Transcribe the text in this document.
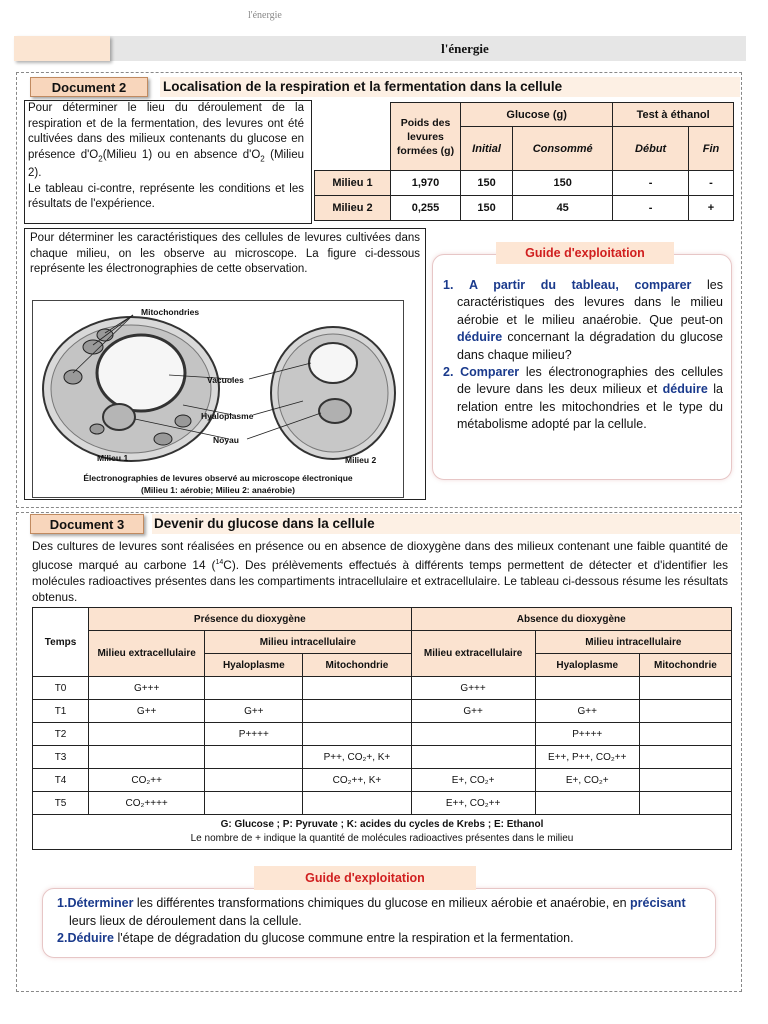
l'énergie
l'énergie
Document 2	Localisation de la respiration et la fermentation dans la cellule
Pour déterminer le lieu du déroulement de la respiration et de la fermentation, des levures ont été cultivées dans des milieux contenants du glucose en présence $d'O_2(Milieu$ 1) ou en absence $d'O_2$ (Milieu 2).
Le tableau ci-contre, représente les conditions et les résultats de l'expérience.
	Poids des levures formées (g)	Glucose (g)		Test à éthanol	
		Initial	Consommé	Début	Fin
Milieu 1	1,970	150	150	-	-
Milieu 2	0,255	150	45	-	+
Pour déterminer les caractéristiques des cellules de levures cultivées dans chaque milieu, on les observe au microscope. La figure ci-dessous représente les électronographies de cette observation.
Mitochondries
Vacuoles
Hyaloplasme
Noyau
Milieu 1	Milieu 2
Électronographies de levures observé au microscope électronique
(Milieu 1: aérobie; Milieu 2: anaérobie)
1. A partir du tableau, comparer les caractéristiques des levures dans le milieu aérobie et le milieu anaérobie. Que peut-on déduire concernant la dégradation du glucose dans chaque milieu?
2. Comparer les électronographies des cellules de levure dans les deux milieux et déduire la relation entre les mitochondries et le type du métabolisme adopté par la cellule.
Guide d'exploitation
Document 3	Devenir du glucose dans la cellule
Des cultures de levures sont réalisées en présence ou en absence de dioxygène dans des milieux contenant une faible quantité de glucose marqué au carbone 14 ($^{14}$C). Des prélèvements effectués à différents temps permettent de détecter et d'identifier les molécules radioactives présentes dans les compartiments intracellulaire et extracellulaire. Le tableau ci-dessous résume les résultats obtenus.
Temps	Présence du dioxygène			Absence du dioxygène		
	Milieu extracellulaire	Milieu intracellulaire		Milieu extracellulaire	Milieu intracellulaire	
		Hyaloplasme	Mitochondrie		Hyaloplasme	Mitochondrie
T0	G+++			G+++		
T1	G++	G++		G++	G++	
T2		P++++			P++++	
T3			P++, CO₂+, K+		E++, P++, CO₂++	
T4	CO₂++		CO₂++, K+	E+, CO₂+	E+, CO₂+	
T5	CO₂++++			E++, CO₂++		

G: Glucose ; P: Pyruvate ; K: acides du cycles de Krebs ; E: Ethanol
Le nombre de + indique la quantité de molécules radioactives présentes dans le milieu						
1.Déterminer les différentes transformations chimiques du glucose en milieux aérobie et anaérobie, en précisant leurs lieux de déroulement dans la cellule.
2.Déduire l'étape de dégradation du glucose commune entre la respiration et la fermentation.
Guide d'exploitation
